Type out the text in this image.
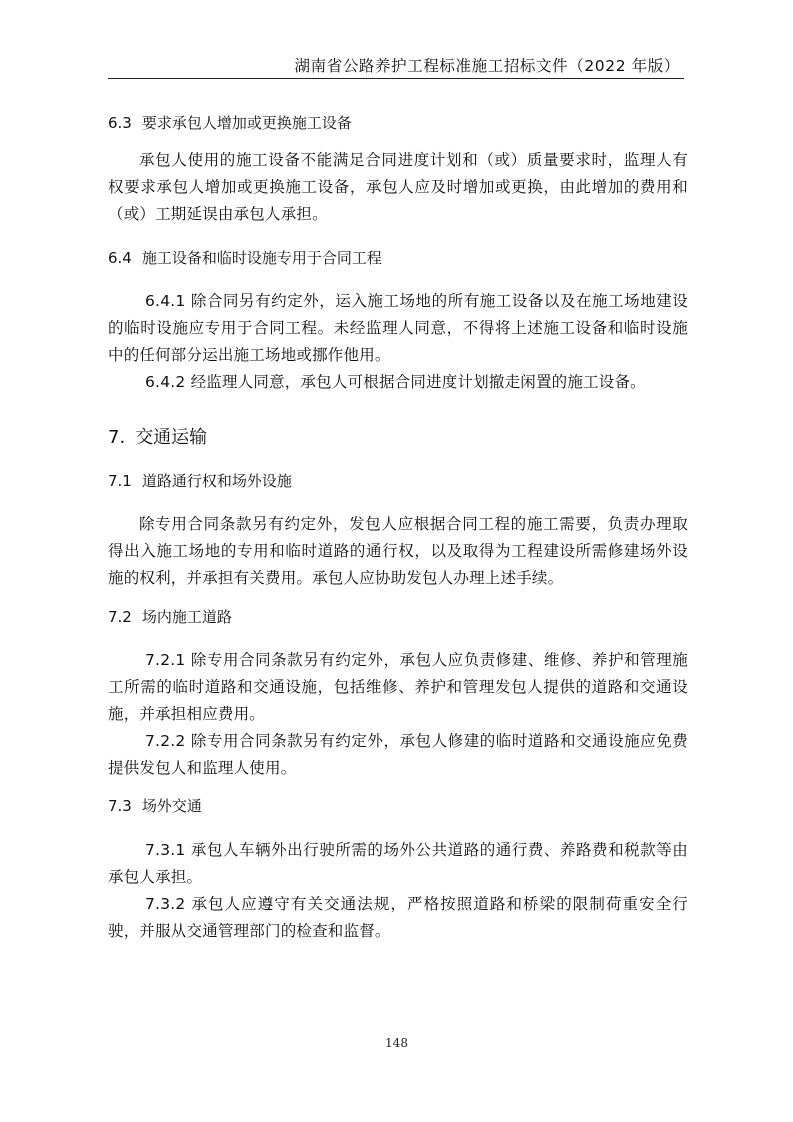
湖南省公路养护工程标准施工招标文件（2022 年版）
6.3 要求承包人增加或更换施工设备
承包人使用的施工设备不能满足合同进度计划和（或）质量要求时，监理人有权要求承包人增加或更换施工设备，承包人应及时增加或更换，由此增加的费用和（或）工期延误由承包人承担。
6.4 施工设备和临时设施专用于合同工程
6.4.1 除合同另有约定外，运入施工场地的所有施工设备以及在施工场地建设的临时设施应专用于合同工程。未经监理人同意，不得将上述施工设备和临时设施中的任何部分运出施工场地或挪作他用。
6.4.2 经监理人同意，承包人可根据合同进度计划撤走闲置的施工设备。
7. 交通运输
7.1 道路通行权和场外设施
除专用合同条款另有约定外，发包人应根据合同工程的施工需要，负责办理取得出入施工场地的专用和临时道路的通行权，以及取得为工程建设所需修建场外设施的权利，并承担有关费用。承包人应协助发包人办理上述手续。
7.2 场内施工道路
7.2.1 除专用合同条款另有约定外，承包人应负责修建、维修、养护和管理施工所需的临时道路和交通设施，包括维修、养护和管理发包人提供的道路和交通设施，并承担相应费用。
7.2.2 除专用合同条款另有约定外，承包人修建的临时道路和交通设施应免费提供发包人和监理人使用。
7.3 场外交通
7.3.1 承包人车辆外出行驶所需的场外公共道路的通行费、养路费和税款等由承包人承担。
7.3.2 承包人应遵守有关交通法规，严格按照道路和桥梁的限制荷重安全行驶，并服从交通管理部门的检查和监督。
148
